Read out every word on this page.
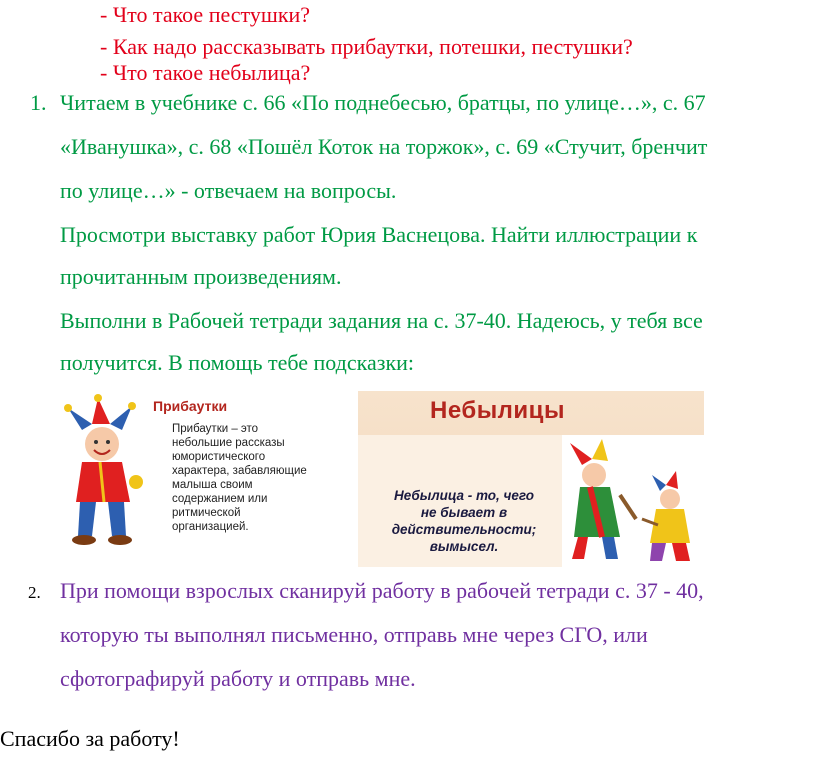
- Что такое пестушки?
- Как надо рассказывать прибаутки, потешки, пестушки?
- Что такое небылица?
1. Читаем в учебнике с. 66 «По поднебесью, братцы, по улице…», с. 67
«Иванушка», с. 68 «Пошёл Коток на торжок», с. 69 «Стучит, бренчит
по улице…» - отвечаем на вопросы.
Просмотри выставку работ Юрия Васнецова. Найти иллюстрации к
прочитанным произведениям.
Выполни в Рабочей тетради задания на с. 37-40. Надеюсь, у тебя все
получится. В помощь тебе подсказки:
Прибаутки
Прибаутки – это
небольшие рассказы
юмористического
характера, забавляющие
малыша своим
содержанием или
ритмической
организацией.
Небылицы
Небылица - то, чего
не бывает в
действительности;
вымысел.
2. При помощи взрослых сканируй работу в рабочей тетради с. 37 - 40,
которую ты выполнял письменно, отправь мне через СГО, или
сфотографируй работу и отправь мне.
Спасибо за работу!
